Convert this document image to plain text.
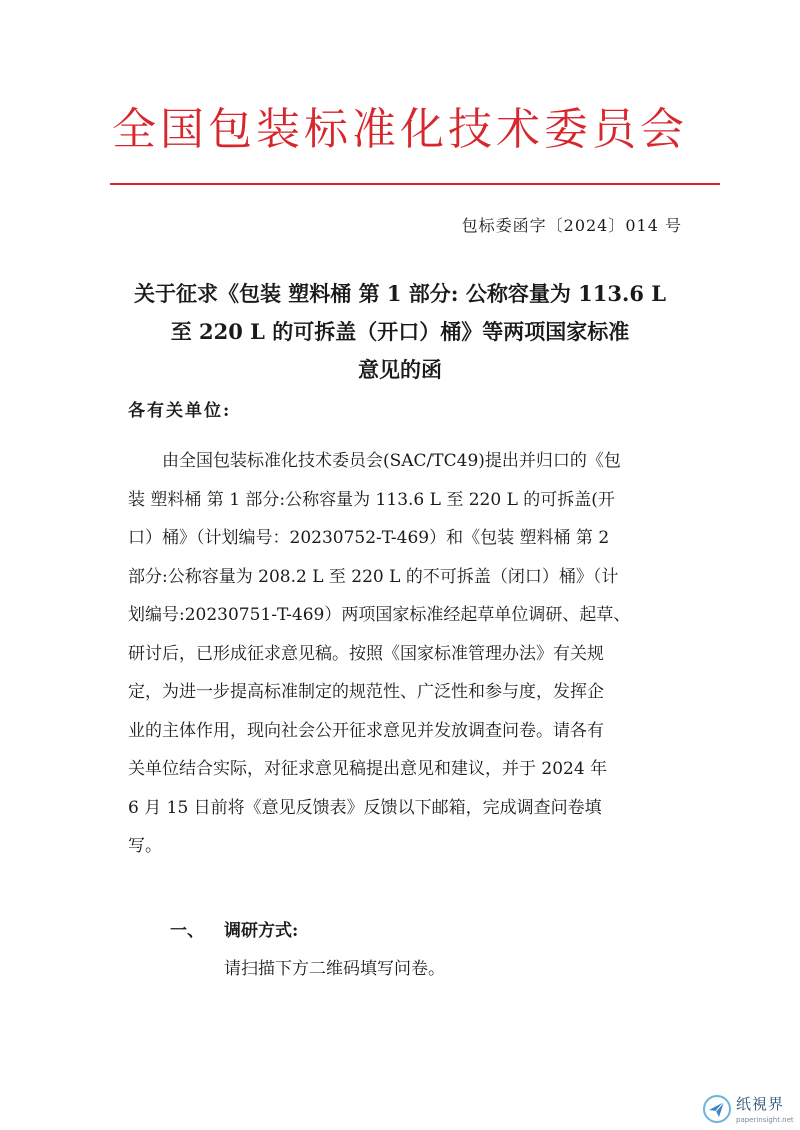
全国包装标准化技术委员会
包标委函字〔2024〕014 号
关于征求《包装 塑料桶 第 1 部分: 公称容量为 113.6 L
至 220 L 的可拆盖（开口）桶》等两项国家标准
意见的函
各有关单位:
由全国包装标准化技术委员会(SAC/TC49)提出并归口的《包
装 塑料桶 第 1 部分:公称容量为 113.6 L 至 220 L 的可拆盖(开
口）桶》（计划编号：20230752-T-469）和《包装 塑料桶 第 2
部分:公称容量为 208.2 L 至 220 L 的不可拆盖（闭口）桶》（计
划编号:20230751-T-469）两项国家标准经起草单位调研、起草、
研讨后，已形成征求意见稿。按照《国家标准管理办法》有关规
定，为进一步提高标准制定的规范性、广泛性和参与度，发挥企
业的主体作用，现向社会公开征求意见并发放调查问卷。请各有
关单位结合实际，对征求意见稿提出意见和建议，并于 2024 年
6 月 15 日前将《意见反馈表》反馈以下邮箱，完成调查问卷填
写。
一、 调研方式:
请扫描下方二维码填写问卷。
纸視界
paperinsight.net
